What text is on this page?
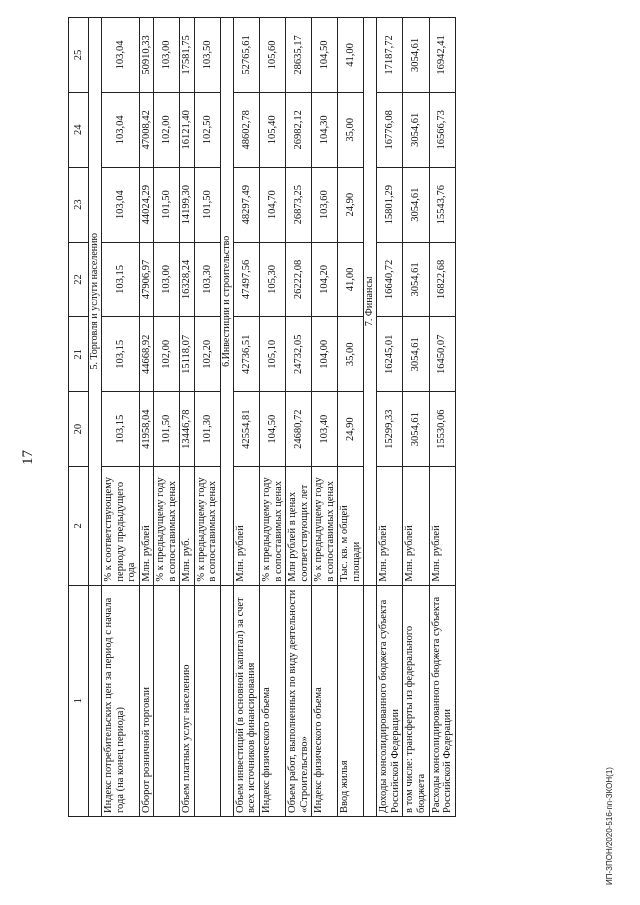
17
ИП-ЗПОН/2020-516-пп-ЗКОН(1)
1	2	20	21	22	23	24	25
	5. Торговля и услуги населению						
Индекс потребительских цен за период с начала года (на конец периода)	% к соответствующему периоду предыдущего года	103,15	103,15	103,15	103,04	103,04	103,04
Оборот розничной торговли	Млн. рублей	41958,04	44668,92	47906,97	44024,29	47008,42	50910,33
	% к предыдущему году в сопоставимых ценах	101,50	102,00	103,00	101,50	102,00	103,00
Объем платных услуг населению	Млн. руб.	13446,78	15118,07	16328,24	14199,30	16121,40	17581,75
	% к предыдущему году в сопоставимых ценах	101,30	102,20	103,30	101,50	102,50	103,50
	6.Инвестиции и строительство						
Объем инвестиций (в основной капитал) за счет всех источников финансирования	Млн. рублей	42554,81	42736,51	47497,56	48297,49	48602,78	52765,61
Индекс физического объема	% к предыдущему году в сопоставимых ценах	104,50	105,10	105,30	104,70	105,40	105,60
Объем работ, выполненных по виду деятельности «Строительство»	Млн рублей в ценах соответствующих лет	24680,72	24732,05	26222,08	26873,25	26982,12	28635,17
Индекс физического объема	% к предыдущему году в сопоставимых ценах	103,40	104,00	104,20	103,60	104,30	104,50
Ввод жилья	Тыс. кв. м общей площади	24,90	35,00	41,00	24,90	35,00	41,00
	7. Финансы						
Доходы консолидированного бюджета субъекта Российской Федерации	Млн. рублей	15299,33	16245,01	16640,72	15801,29	16776,08	17187,72
в том числе: трансферты из федерального бюджета	Млн. рублей	3054,61	3054,61	3054,61	3054,61	3054,61	3054,61
Расходы консолидированного бюджета субъекта Российской Федерации	Млн. рублей	15530,06	16450,07	16822,68	15543,76	16566,73	16942,41
